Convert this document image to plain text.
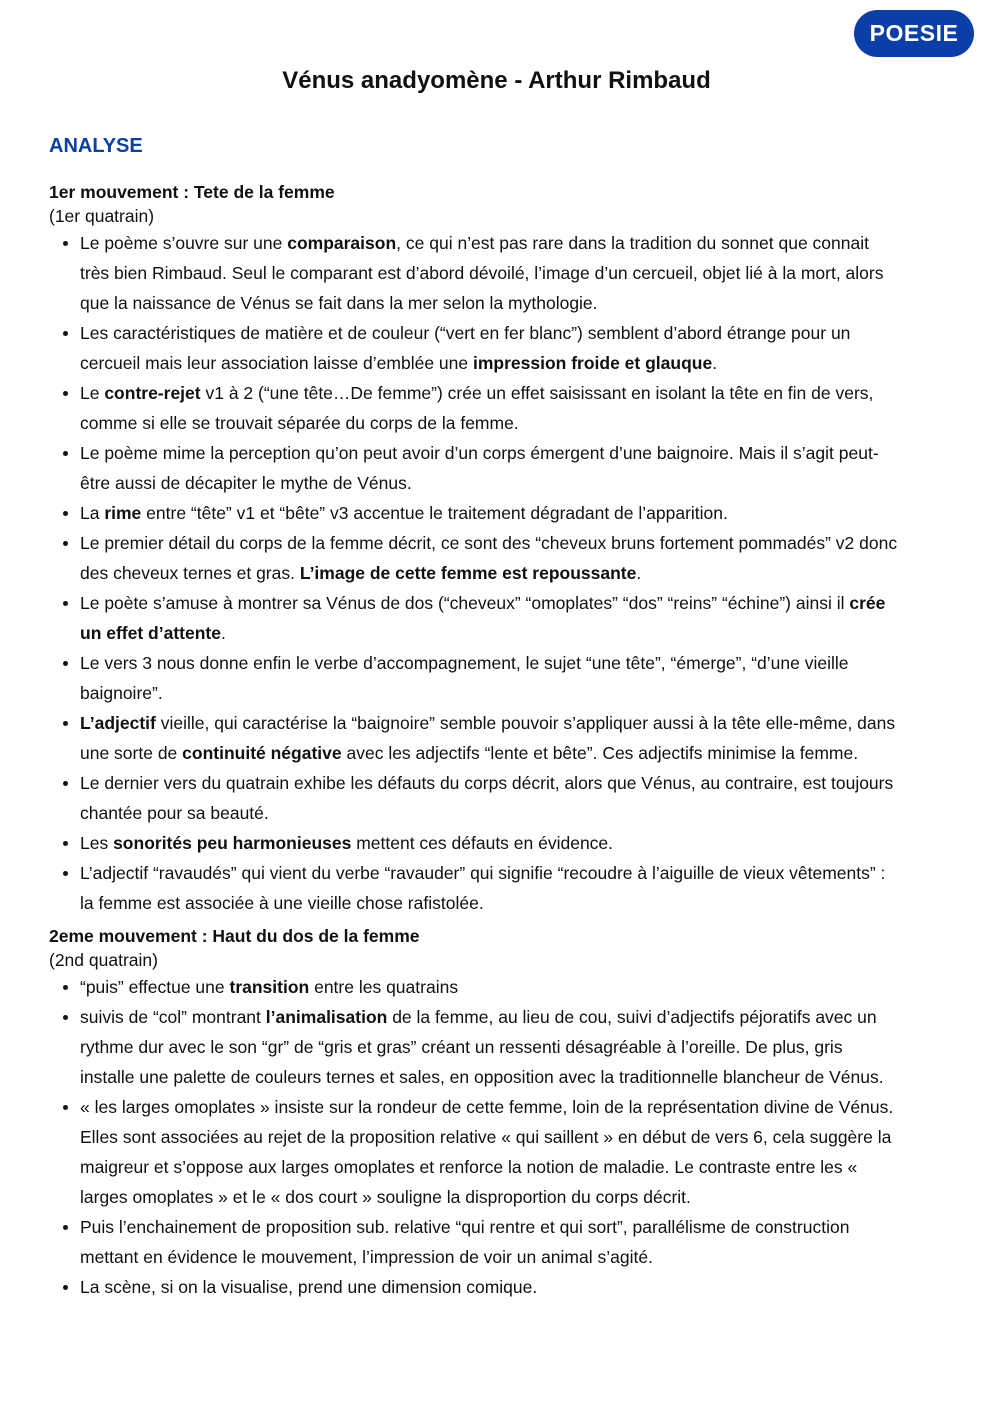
POESIE
Vénus anadyomène - Arthur Rimbaud
ANALYSE

1er mouvement : Tete de la femme

(1er quatrain)

Le poème s’ouvre sur une comparaison, ce qui n’est pas rare dans la tradition du sonnet que connait très bien Rimbaud. Seul le comparant est d’abord dévoilé, l’image d’un cercueil, objet lié à la mort, alors que la naissance de Vénus se fait dans la mer selon la mythologie.
Les caractéristiques de matière et de couleur (“vert en fer blanc”) semblent d’abord étrange pour un cercueil mais leur association laisse d’emblée une impression froide et glauque.
Le contre-rejet v1 à 2 (“une tête…De femme”) crée un effet saisissant en isolant la tête en fin de vers, comme si elle se trouvait séparée du corps de la femme.
Le poème mime la perception qu’on peut avoir d’un corps émergent d’une baignoire. Mais il s’agit peut-être aussi de décapiter le mythe de Vénus.
La rime entre “tête” v1 et “bête” v3 accentue le traitement dégradant de l’apparition.
Le premier détail du corps de la femme décrit, ce sont des “cheveux bruns fortement pommadés” v2 donc des cheveux ternes et gras. L’image de cette femme est repoussante.
Le poète s’amuse à montrer sa Vénus de dos (“cheveux” “omoplates” “dos” “reins” “échine”) ainsi il crée un effet d’attente.
Le vers 3 nous donne enfin le verbe d’accompagnement, le sujet “une tête”, “émerge”, “d’une vieille baignoire”.
L’adjectif vieille, qui caractérise la “baignoire” semble pouvoir s’appliquer aussi à la tête elle-même, dans une sorte de continuité négative avec les adjectifs “lente et bête”. Ces adjectifs minimise la femme.
Le dernier vers du quatrain exhibe les défauts du corps décrit, alors que Vénus, au contraire, est toujours chantée pour sa beauté.
Les sonorités peu harmonieuses mettent ces défauts en évidence.
L’adjectif “ravaudés” qui vient du verbe “ravauder” qui signifie “recoudre à l’aiguille de vieux vêtements” : la femme est associée à une vieille chose rafistolée.

2eme mouvement : Haut du dos de la femme

(2nd quatrain)

“puis” effectue une transition entre les quatrains
suivis de “col” montrant l’animalisation de la femme, au lieu de cou, suivi d’adjectifs péjoratifs avec un rythme dur avec le son “gr” de “gris et gras” créant un ressenti désagréable à l’oreille. De plus, gris installe une palette de couleurs ternes et sales, en opposition avec la traditionnelle blancheur de Vénus.
« les larges omoplates » insiste sur la rondeur de cette femme, loin de la représentation divine de Vénus. Elles sont associées au rejet de la proposition relative « qui saillent » en début de vers 6, cela suggère la maigreur et s’oppose aux larges omoplates et renforce la notion de maladie. Le contraste entre les « larges omoplates » et le « dos court » souligne la disproportion du corps décrit.
Puis l’enchainement de proposition sub. relative “qui rentre et qui sort”, parallélisme de construction mettant en évidence le mouvement, l’impression de voir un animal s’agité.
La scène, si on la visualise, prend une dimension comique.
